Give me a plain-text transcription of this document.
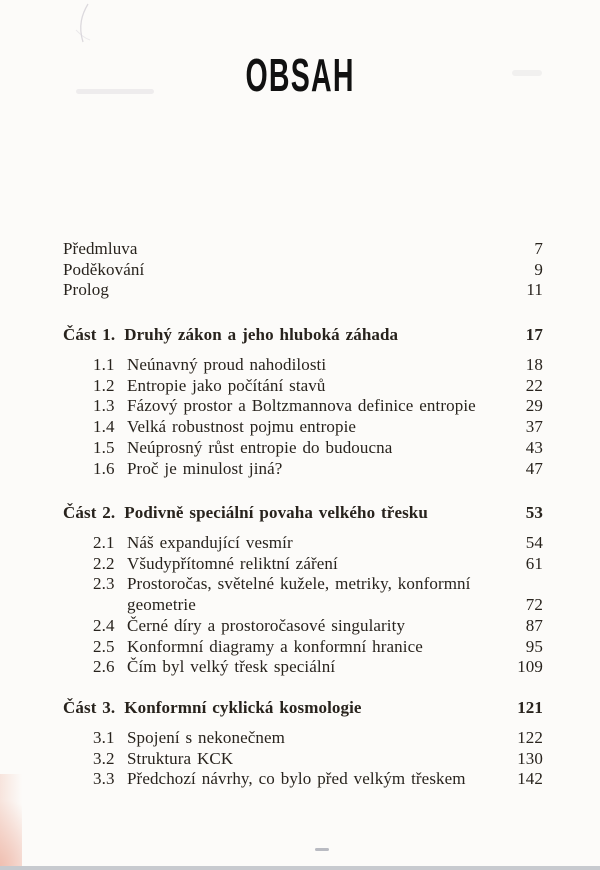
OBSAH
Předmluva	7
Poděkování	9
Prolog	11
Část 1. Druhý zákon a jeho hluboká záhada	17
1.1 Neúnavný proud nahodilosti	18
1.2 Entropie jako počítání stavů	22
1.3 Fázový prostor a Boltzmannova definice entropie	29
1.4 Velká robustnost pojmu entropie	37
1.5 Neúprosný růst entropie do budoucna	43
1.6 Proč je minulost jiná?	47
Část 2. Podivně speciální povaha velkého třesku	53
2.1 Náš expandující vesmír	54
2.2 Všudypřítomné reliktní záření	61
2.3 Prostoročas, světelné kužele, metriky, konformní geometrie	72
2.4 Černé díry a prostoročasové singularity	87
2.5 Konformní diagramy a konformní hranice	95
2.6 Čím byl velký třesk speciální	109
Část 3. Konformní cyklická kosmologie	121
3.1 Spojení s nekonečnem	122
3.2 Struktura KCK	130
3.3 Předchozí návrhy, co bylo před velkým třeskem	142
